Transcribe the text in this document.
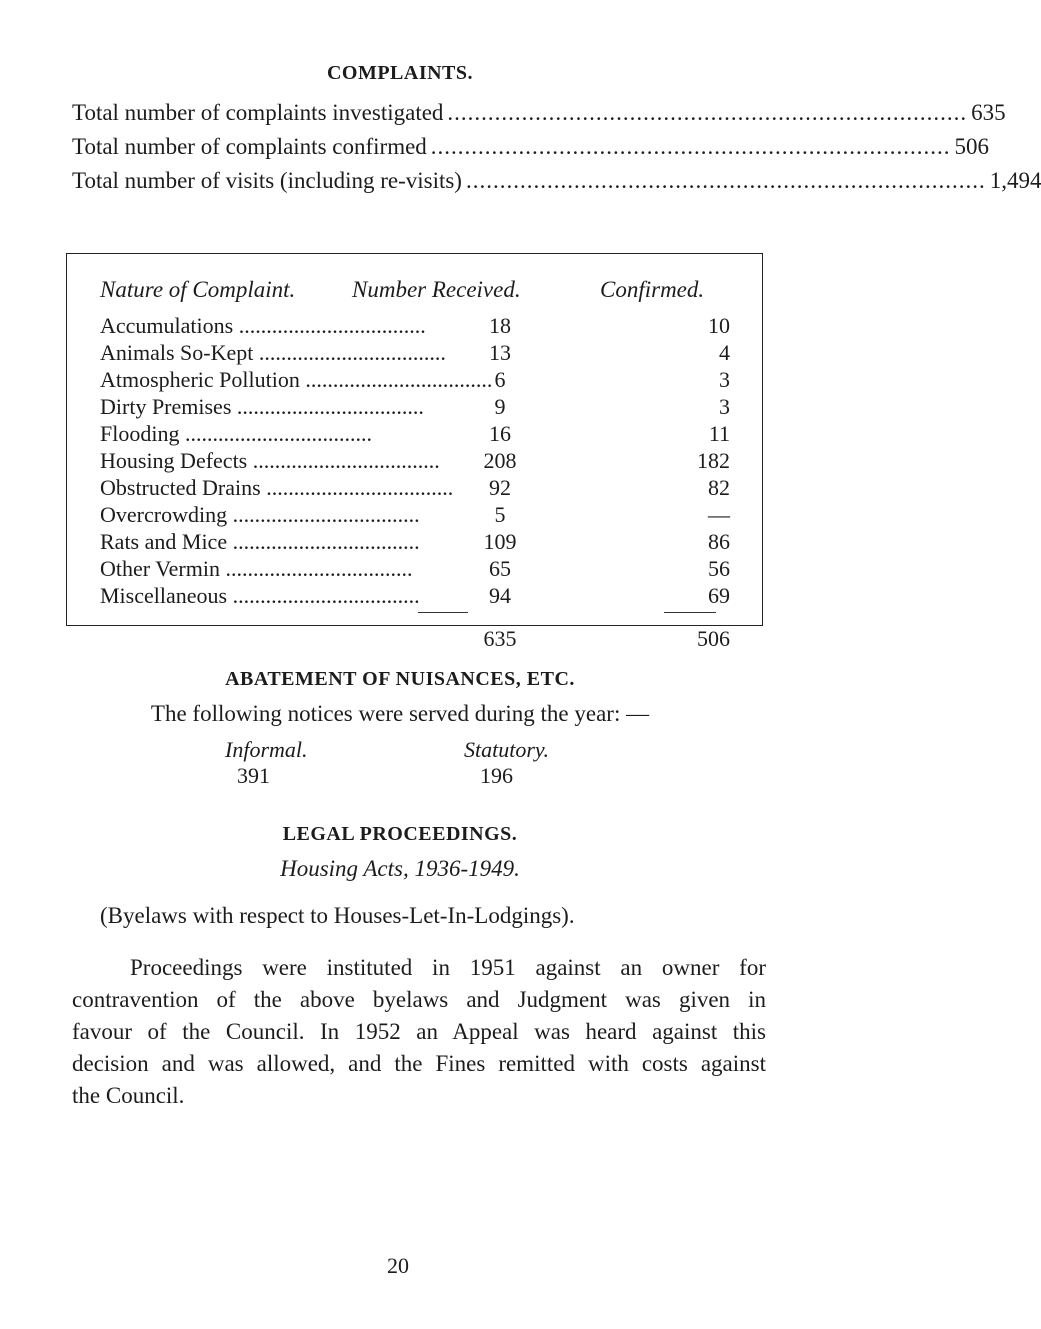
COMPLAINTS.
Total number of complaints investigated ............................................................................. 635
Total number of complaints confirmed ............................................................................. 506
Total number of visits (including re-visits) ............................................................................. 1,494
Nature of Complaint. Number Received.	Confirmed.
Accumulations ..................................	18	10
Animals So-Kept ..................................	13	4
Atmospheric Pollution .................................. 6	3
Dirty Premises ..................................	9	3
Flooding ..................................	16	11
Housing Defects ..................................	208	182
Obstructed Drains ..................................	92	82
Overcrowding ..................................	5	—
Rats and Mice ..................................	109	86
Other Vermin ..................................	65	56
Miscellaneous ..................................	94	69
635	506
ABATEMENT OF NUISANCES, ETC.
The following notices were served during the year: —
Informal.	Statutory.
391	196
LEGAL PROCEEDINGS.
Housing Acts, 1936-1949.
(Byelaws with respect to Houses-Let-In-Lodgings).
Proceedings were instituted in 1951 against an owner for
contravention of the above byelaws and Judgment was given in
favour of the Council. In 1952 an Appeal was heard against this
decision and was allowed, and the Fines remitted with costs against
the Council.
20
